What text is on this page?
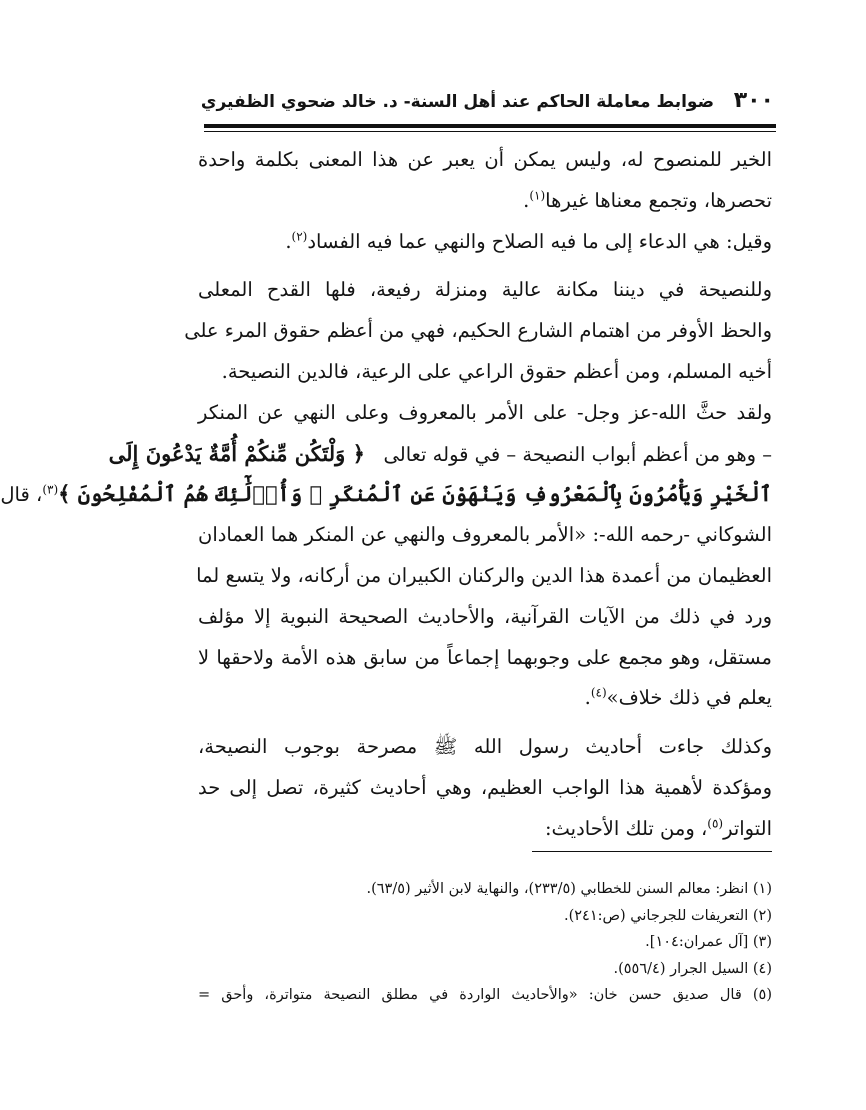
٣٠٠
ضوابط معاملة الحاكم عند أهل السنة- د. خالد ضحوي الظفيري
الخير للمنصوح له، وليس يمكن أن يعبر عن هذا المعنى بكلمة واحدة
تحصرها، وتجمع معناها غيرها$^{(١)}$.
وقيل: هي الدعاء إلى ما فيه الصلاح والنهي عما فيه الفساد$^{(٢)}$.
وللنصيحة في ديننا مكانة عالية ومنزلة رفيعة، فلها القدح المعلى
والحظ الأوفر من اهتمام الشارع الحكيم، فهي من أعظم حقوق المرء على
أخيه المسلم، ومن أعظم حقوق الراعي على الرعية، فالدين النصيحة.
ولقد حثَّ الله-عز وجل- على الأمر بالمعروف وعلى النهي عن المنكر
– وهو من أعظم أبواب النصيحة – في قوله تعالى   ﴿ وَلْتَكُن مِّنكُمْ أُمَّةٌ يَدْعُونَ إِلَى
ٱلْخَيْرِ وَيَأْمُرُونَ بِٱلْمَعْرُوفِ وَيَنْهَوْنَ عَنِ ٱلْمُنكَرِ ۚ وَأُو۟لَٰٓئِكَ هُمُ ٱلْمُفْلِحُونَ ﴾$^{(٣)}$، قال
الشوكاني -رحمه الله-: «الأمر بالمعروف والنهي عن المنكر هما العمادان
العظيمان من أعمدة هذا الدين والركنان الكبيران من أركانه، ولا يتسع لما
ورد في ذلك من الآيات القرآنية، والأحاديث الصحيحة النبوية إلا مؤلف
مستقل، وهو مجمع على وجوبهما إجماعاً من سابق هذه الأمة ولاحقها لا
يعلم في ذلك خلاف»$^{(٤)}$.
وكذلك جاءت أحاديث رسول الله ﷺ مصرحة بوجوب النصيحة،
ومؤكدة لأهمية هذا الواجب العظيم، وهي أحاديث كثيرة، تصل إلى حد
التواتر$^{(٥)}$، ومن تلك الأحاديث:
(١) انظر: معالم السنن للخطابي (٢٣٣/٥)، والنهاية لابن الأثير (٦٣/٥).
(٢) التعريفات للجرجاني (ص:٢٤١).
(٣) [آل عمران:١٠٤].
(٤) السيل الجرار (٥٥٦/٤).
(٥) قال صديق حسن خان: «والأحاديث الواردة في مطلق النصيحة متواترة، وأحق =
